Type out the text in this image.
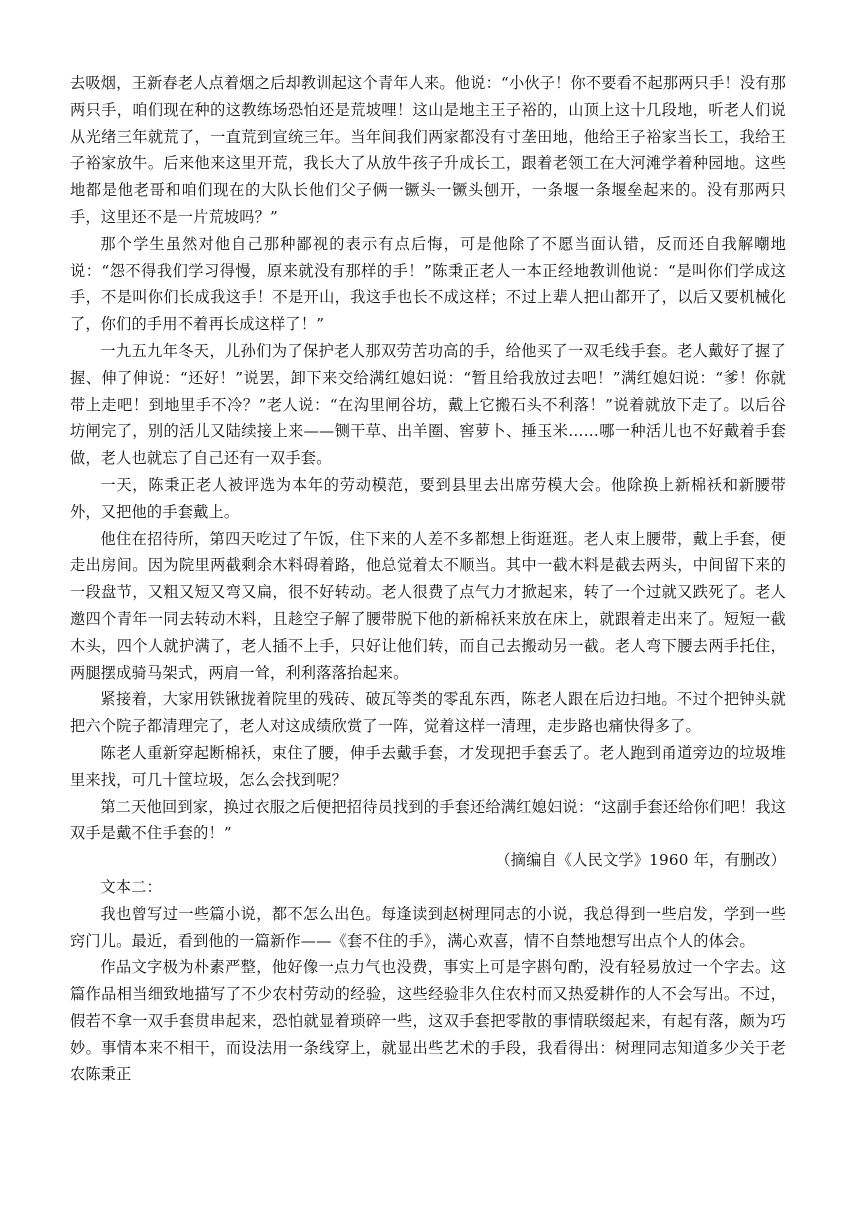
去吸烟，王新春老人点着烟之后却教训起这个青年人来。他说：“小伙子！你不要看不起那两只手！没有那两只手，咱们现在种的这教练场恐怕还是荒坡哩！这山是地主王子裕的，山顶上这十几段地，听老人们说从光绪三年就荒了，一直荒到宣统三年。当年间我们两家都没有寸垄田地，他给王子裕家当长工，我给王子裕家放牛。后来他来这里开荒，我长大了从放牛孩子升成长工，跟着老领工在大河滩学着种园地。这些地都是他老哥和咱们现在的大队长他们父子俩一镢头一镢头刨开，一条堰一条堰垒起来的。没有那两只手，这里还不是一片荒坡吗？”

那个学生虽然对他自己那种鄙视的表示有点后悔，可是他除了不愿当面认错，反而还自我解嘲地说：“怨不得我们学习得慢，原来就没有那样的手！”陈秉正老人一本正经地教训他说：“是叫你们学成这手，不是叫你们长成我这手！不是开山，我这手也长不成这样；不过上辈人把山都开了，以后又要机械化了，你们的手用不着再长成这样了！”

一九五九年冬天，儿孙们为了保护老人那双劳苦功高的手，给他买了一双毛线手套。老人戴好了握了握、伸了伸说：“还好！”说罢，卸下来交给满红媳妇说：“暂且给我放过去吧！”满红媳妇说：“爹！你就带上走吧！到地里手不冷？”老人说：“在沟里闸谷坊，戴上它搬石头不利落！”说着就放下走了。以后谷坊闸完了，别的活儿又陆续接上来——铡干草、出羊圈、窖萝卜、捶玉米……哪一种活儿也不好戴着手套做，老人也就忘了自己还有一双手套。

一天，陈秉正老人被评选为本年的劳动模范，要到县里去出席劳模大会。他除换上新棉袄和新腰带外，又把他的手套戴上。

他住在招待所，第四天吃过了午饭，住下来的人差不多都想上街逛逛。老人束上腰带，戴上手套，便走出房间。因为院里两截剩余木料碍着路，他总觉着太不顺当。其中一截木料是截去两头，中间留下来的一段盘节，又粗又短又弯又扁，很不好转动。老人很费了点气力才掀起来，转了一个过就又跌死了。老人邀四个青年一同去转动木料，且趁空子解了腰带脱下他的新棉袄来放在床上，就跟着走出来了。短短一截木头，四个人就护满了，老人插不上手，只好让他们转，而自己去搬动另一截。老人弯下腰去两手托住，两腿摆成骑马架式，两肩一耸，利利落落抬起来。

紧接着，大家用铁锹拢着院里的残砖、破瓦等类的零乱东西，陈老人跟在后边扫地。不过个把钟头就把六个院子都清理完了，老人对这成绩欣赏了一阵，觉着这样一清理，走步路也痛快得多了。

陈老人重新穿起断棉袄，束住了腰，伸手去戴手套，才发现把手套丢了。老人跑到甬道旁边的垃圾堆里来找，可几十筐垃圾，怎么会找到呢？

第二天他回到家，换过衣服之后便把招待员找到的手套还给满红媳妇说：“这副手套还给你们吧！我这双手是戴不住手套的！”

（摘编自《人民文学》1960 年，有删改）

文本二：

我也曾写过一些篇小说，都不怎么出色。每逢读到赵树理同志的小说，我总得到一些启发，学到一些窍门儿。最近，看到他的一篇新作——《套不住的手》，满心欢喜，情不自禁地想写出点个人的体会。

作品文字极为朴素严整，他好像一点力气也没费，事实上可是字斟句酌，没有轻易放过一个字去。这篇作品相当细致地描写了不少农村劳动的经验，这些经验非久住农村而又热爱耕作的人不会写出。不过，假若不拿一双手套贯串起来，恐怕就显着琐碎一些，这双手套把零散的事情联缀起来，有起有落，颇为巧妙。事情本来不相干，而设法用一条线穿上，就显出些艺术的手段，我看得出：树理同志知道多少关于老农陈秉正
